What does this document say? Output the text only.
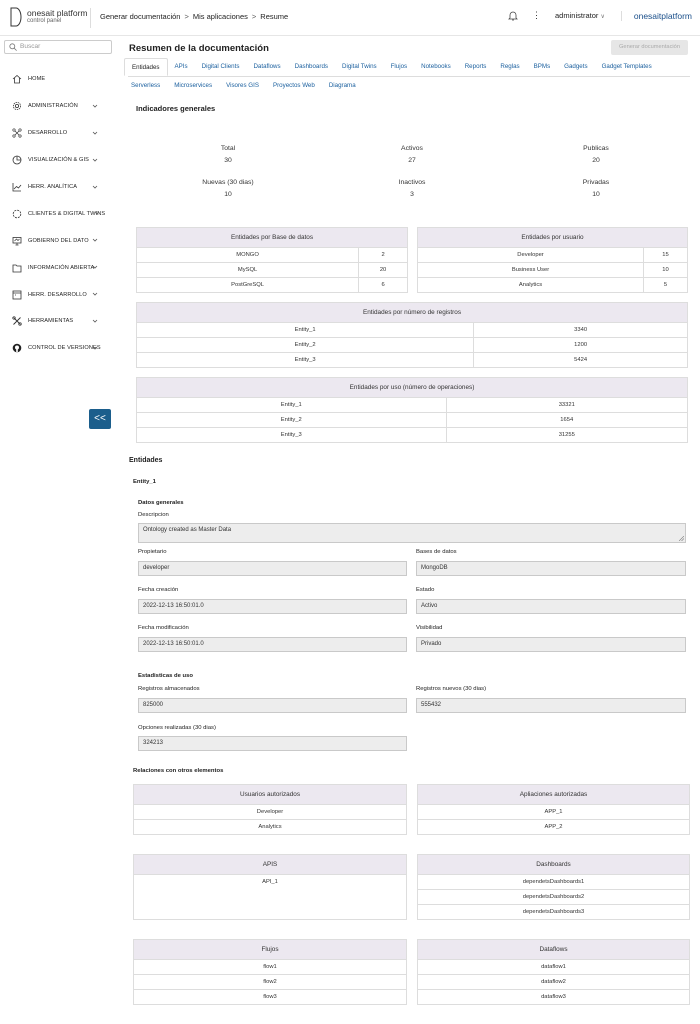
onesait platform
control panel	Generar documentación > Mis aplicaciones > Resume	⋮ administrator ∨	onesaitplatform
Buscar
HOME
ADMINISTRACIÓN
DESARROLLO
VISUALIZACIÓN & GIS
HERR. ANALÍTICA
CLIENTES & DIGITAL TWINS
GOBIERNO DEL DATO
INFORMACIÓN ABIERTA
HERR. DESARROLLO
HERRAMIENTAS
CONTROL DE VERSIONES
<<
Resumen de la documentación	Generar documentación
Entidades	APIs	Digital Clients	Dataflows	Dashboards	Digital Twins	Flujos	Notebooks	Reports	Reglas	BPMs	Gadgets	Gadget Templates
Serverless	Microservices	Visores GIS	Proyectos Web	Diagrama
Indicadores generales
Total
30
Activos
27
Publicas
20
Nuevas (30 dias)
10
Inactivos
3
Privadas
10
Entidades por Base de datos	
MONGO	2
MySQL	20
PostGreSQL	6
Entidades por usuario	
Developer	15
Business User	10
Analytics	5
Entidades por número de registros	
Entity_1	3340
Entity_2	1200
Entity_3	5424
Entidades por uso (número de operaciones)	
Entity_1	33321
Entity_2	1654
Entity_3	31255
Entidades
Entity_1
Datos generales
Descripcion
Ontology created as Master Data
Propietario
developer
Bases de datos
MongoDB
Fecha creación
2022-12-13 16:50:01.0
Estado
Activo
Fecha modificación
2022-12-13 16:50:01.0
Visibilidad
Privado
Estadisticas de uso
Registros almacenados
825000
Registros nuevos (30 dias)
555432
Opciones realizadas (30 dias)
324213
Relaciones con otros elementos
Usuarios autorizados
Developer
Analytics
Apliaciones autorizadas
APP_1
APP_2
APIS
API_1

Dashboards
dependetsDashboards1
dependetsDashboards2
dependetsDashboards3
Flujos
flow1
flow2
flow3
Dataflows
dataflow1
dataflow2
dataflow3
